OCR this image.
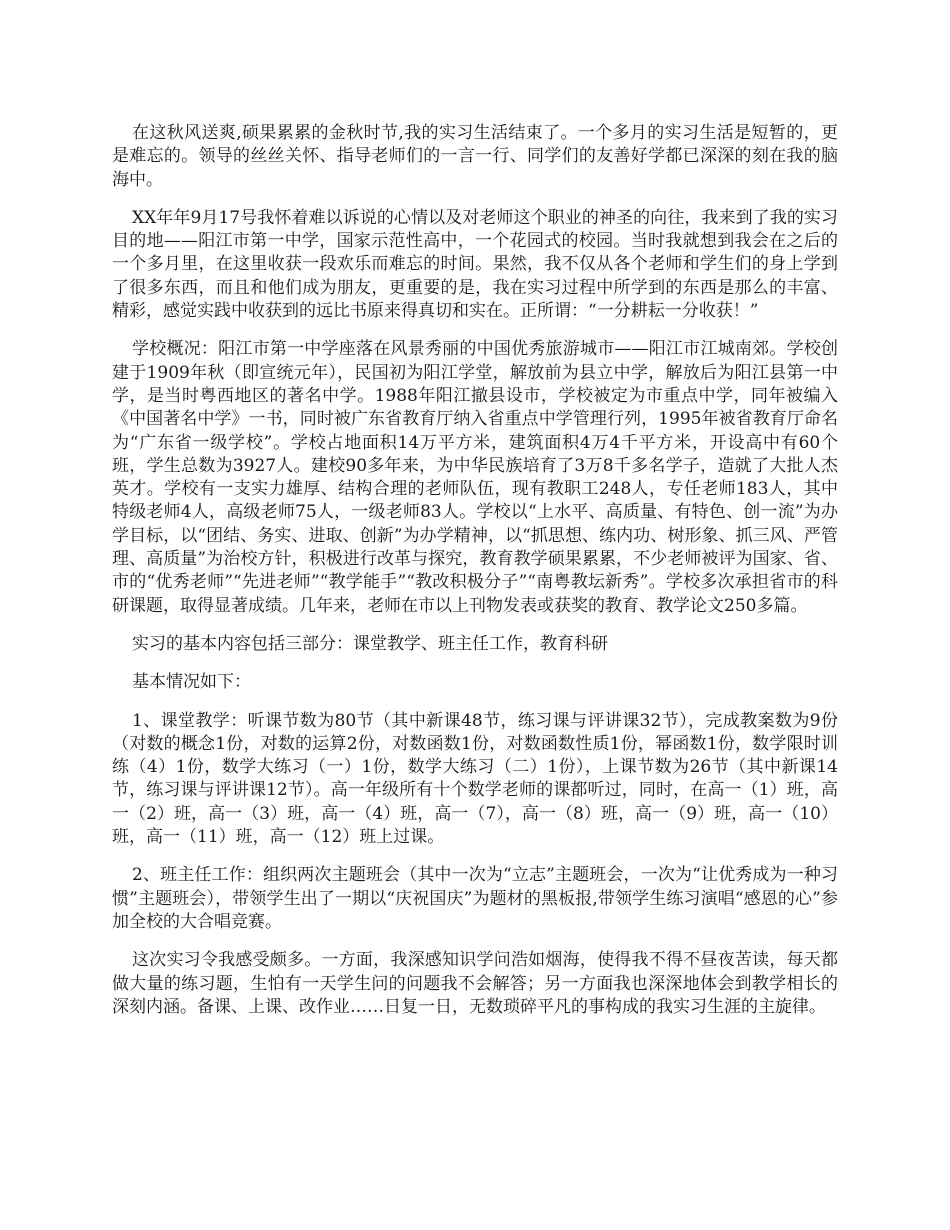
在这秋风送爽,硕果累累的金秋时节,我的实习生活结束了。一个多月的实习生活是短暂的，更是难忘的。领导的丝丝关怀、指导老师们的一言一行、同学们的友善好学都已深深的刻在我的脑海中。

XX年年9月17号我怀着难以诉说的心情以及对老师这个职业的神圣的向往，我来到了我的实习目的地——阳江市第一中学，国家示范性高中，一个花园式的校园。当时我就想到我会在之后的一个多月里，在这里收获一段欢乐而难忘的时间。果然，我不仅从各个老师和学生们的身上学到了很多东西，而且和他们成为朋友，更重要的是，我在实习过程中所学到的东西是那么的丰富、精彩，感觉实践中收获到的远比书原来得真切和实在。正所谓：“一分耕耘一分收获！”

学校概况：阳江市第一中学座落在风景秀丽的中国优秀旅游城市——阳江市江城南郊。学校创建于1909年秋（即宣统元年），民国初为阳江学堂，解放前为县立中学，解放后为阳江县第一中学，是当时粤西地区的著名中学。1988年阳江撤县设市，学校被定为市重点中学，同年被编入《中国著名中学》一书，同时被广东省教育厅纳入省重点中学管理行列，1995年被省教育厅命名为“广东省一级学校”。学校占地面积14万平方米，建筑面积4万4千平方米，开设高中有60个班，学生总数为3927人。建校90多年来，为中华民族培育了3万8千多名学子，造就了大批人杰英才。学校有一支实力雄厚、结构合理的老师队伍，现有教职工248人，专任老师183人，其中特级老师4人，高级老师75人，一级老师83人。学校以“上水平、高质量、有特色、创一流”为办学目标，以“团结、务实、进取、创新”为办学精神，以“抓思想、练内功、树形象、抓三风、严管理、高质量”为治校方针，积极进行改革与探究，教育教学硕果累累，不少老师被评为国家、省、市的“优秀老师”“先进老师”“教学能手”“教改积极分子”“南粤教坛新秀”。学校多次承担省市的科研课题，取得显著成绩。几年来，老师在市以上刊物发表或获奖的教育、教学论文250多篇。

实习的基本内容包括三部分：课堂教学、班主任工作，教育科研

基本情况如下：

1、课堂教学：听课节数为80节（其中新课48节，练习课与评讲课32节），完成教案数为9份（对数的概念1份，对数的运算2份，对数函数1份，对数函数性质1份，幂函数1份，数学限时训练（4）1份，数学大练习（一）1份，数学大练习（二）1份），上课节数为26节（其中新课14节，练习课与评讲课12节）。高一年级所有十个数学老师的课都听过，同时，在高一（1）班，高一（2）班，高一（3）班，高一（4）班，高一（7），高一（8）班，高一（9）班，高一（10）班，高一（11）班，高一（12）班上过课。

2、班主任工作：组织两次主题班会（其中一次为“立志”主题班会，一次为“让优秀成为一种习惯”主题班会），带领学生出了一期以“庆祝国庆”为题材的黑板报,带领学生练习演唱“感恩的心”参加全校的大合唱竞赛。

这次实习令我感受颇多。一方面，我深感知识学问浩如烟海，使得我不得不昼夜苦读，每天都做大量的练习题，生怕有一天学生问的问题我不会解答；另一方面我也深深地体会到教学相长的深刻内涵。备课、上课、改作业……日复一日，无数琐碎平凡的事构成的我实习生涯的主旋律。
